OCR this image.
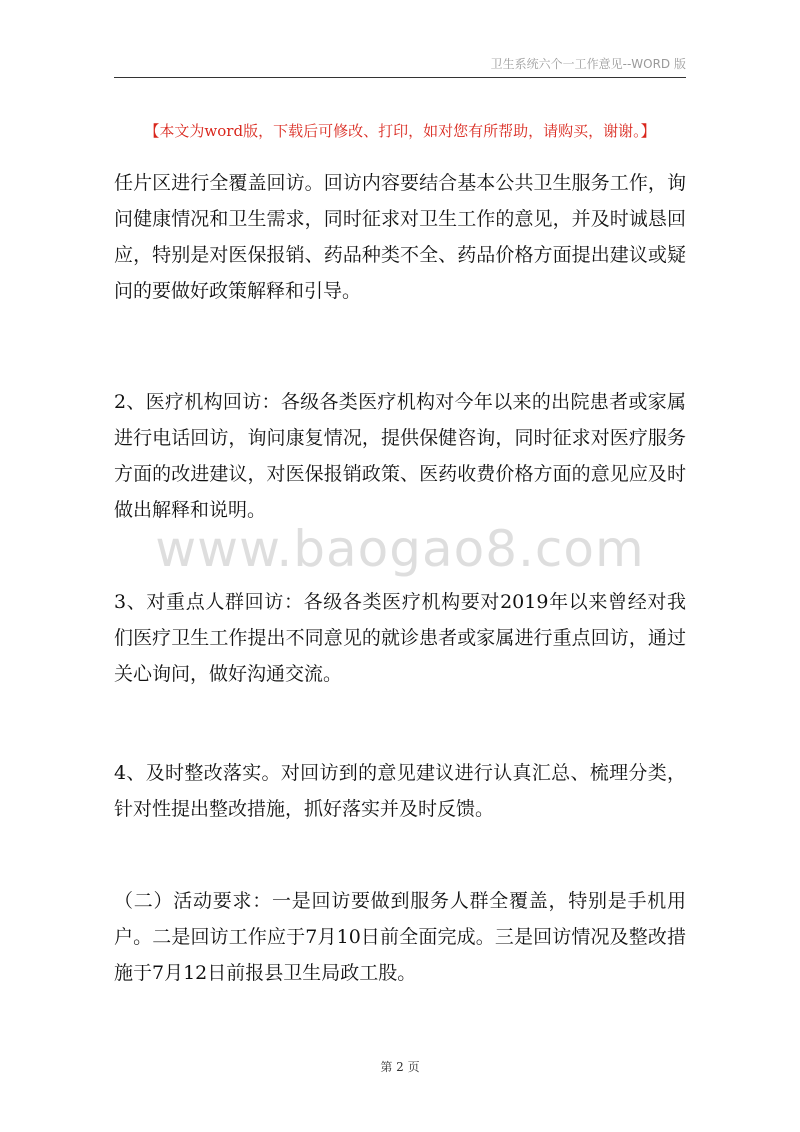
卫生系统六个一工作意见--WORD 版
【本文为word版，下载后可修改、打印，如对您有所帮助，请购买，谢谢。】

任片区进行全覆盖回访。回访内容要结合基本公共卫生服务工作，询问健康情况和卫生需求，同时征求对卫生工作的意见，并及时诚恳回应，特别是对医保报销、药品种类不全、药品价格方面提出建议或疑问的要做好政策解释和引导。

2、医疗机构回访：各级各类医疗机构对今年以来的出院患者或家属进行电话回访，询问康复情况，提供保健咨询，同时征求对医疗服务方面的改进建议，对医保报销政策、医药收费价格方面的意见应及时做出解释和说明。

www.baogao8.com

3、对重点人群回访：各级各类医疗机构要对2019年以来曾经对我们医疗卫生工作提出不同意见的就诊患者或家属进行重点回访，通过关心询问，做好沟通交流。

4、及时整改落实。对回访到的意见建议进行认真汇总、梳理分类，针对性提出整改措施，抓好落实并及时反馈。

（二）活动要求：一是回访要做到服务人群全覆盖，特别是手机用户。二是回访工作应于7月10日前全面完成。三是回访情况及整改措施于7月12日前报县卫生局政工股。

第 2 页
